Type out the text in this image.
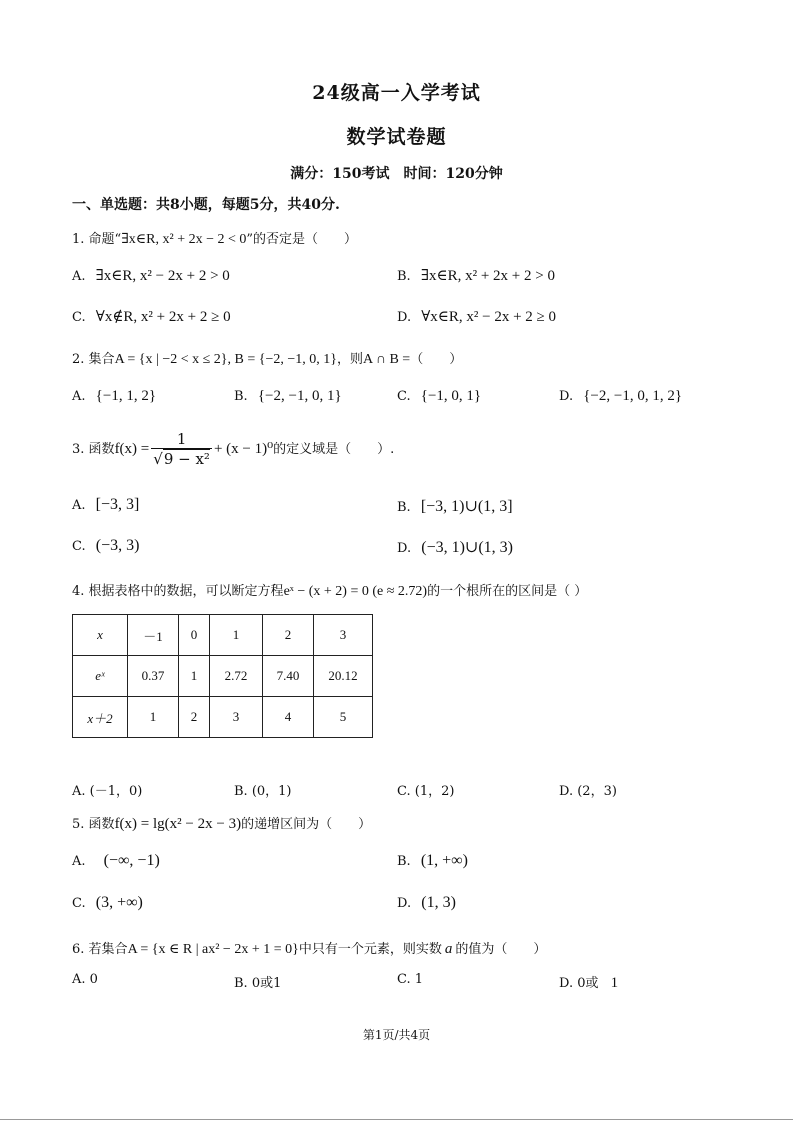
24级高一入学考试
数学试卷题
满分：150考试　时间：120分钟
一、单选题：共8小题，每题5分，共40分.
1. 命题“∃x∈R, x² + 2x − 2 < 0”的否定是（　　）
A. ∃x∈R, x² − 2x + 2 > 0	B. ∃x∈R, x² + 2x + 2 > 0
C. ∀x∉R, x² + 2x + 2 ≥ 0	D. ∀x∈R, x² − 2x + 2 ≥ 0
2. 集合A = {x | −2 < x ≤ 2}, B = {−2, −1, 0, 1}，则A ∩ B =（　　）
A. {−1, 1, 2}	B. {−2, −1, 0, 1}	C. {−1, 0, 1}	D. {−2, −1, 0, 1, 2}
3. 函数$f(x) = \frac{1}{\text{√9 − x²}} + (x - 1)^0$的定义域是（　　）.
A. [−3, 3]	B. [−3, 1)∪(1, 3]
C. (−3, 3)	D. (−3, 1)∪(1, 3)
4. 根据表格中的数据，可以断定方程eˣ − (x + 2) = 0 (e ≈ 2.72)的一个根所在的区间是（ ）
x	－1	0	1	2	3
eˣ	0.37	1	2.72	7.40	20.12
x＋2	1	2	3	4	5
A. (－1，0)	B. (0，1)	C. (1，2)	D. (2，3)
5. 函数f(x) = lg(x² − 2x − 3)的递增区间为（　　）
A. (−∞, −1)	B. (1, +∞)
C. (3, +∞)	D. (1, 3)
6. 若集合A = {x ∈ R | ax² − 2x + 1 = 0}中只有一个元素，则实数 a 的值为（　　）
A. 0	B. 0或1	C. 1	D. 0或 1
第1页/共4页
